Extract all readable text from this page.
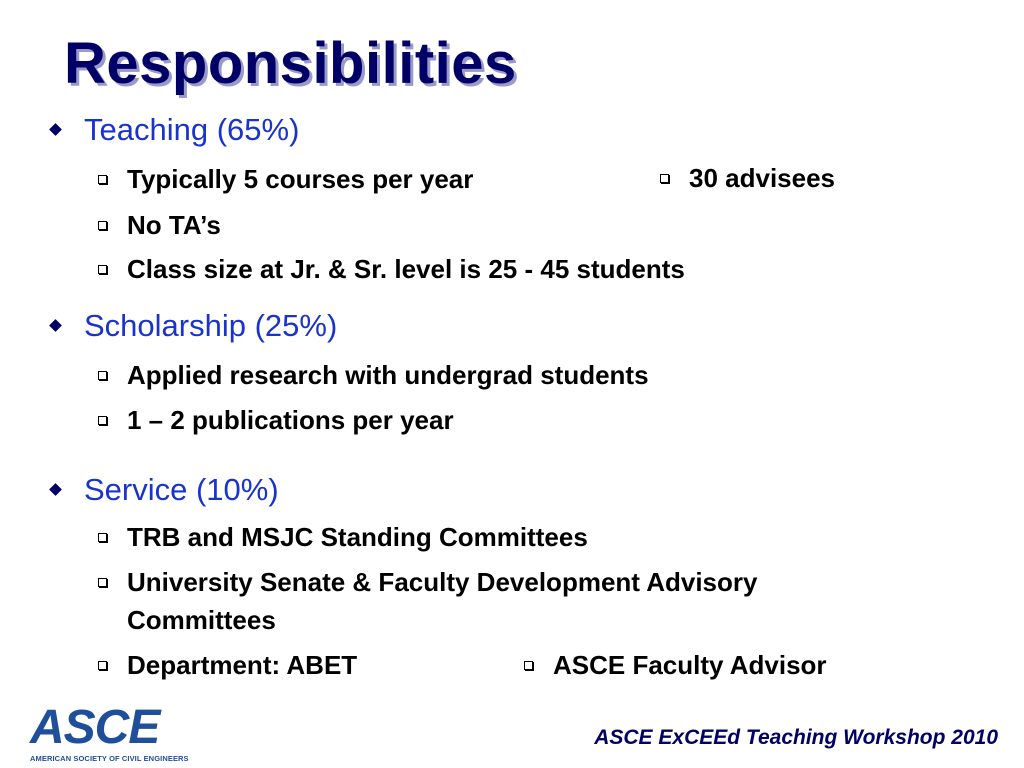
Responsibilities
Teaching (65%)
Typically 5 courses per year	30 advisees
No TA’s
Class size at Jr. & Sr. level is 25 - 45 students
Scholarship (25%)
Applied research with undergrad students
1 – 2 publications per year
Service (10%)
TRB and MSJC Standing Committees
University Senate & Faculty Development Advisory
Committees
Department: ABET	ASCE Faculty Advisor
ASCE
AMERICAN SOCIETY OF CIVIL ENGINEERS
ASCE ExCEEd Teaching Workshop 2010
